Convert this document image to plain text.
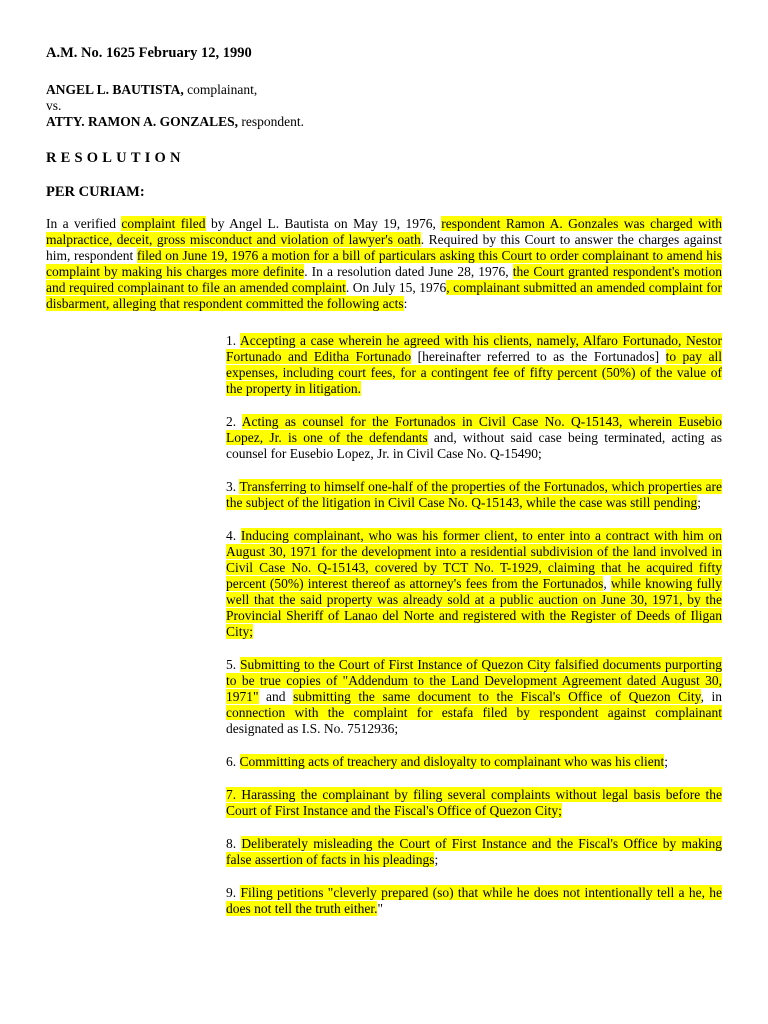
A.M. No. 1625 February 12, 1990

ANGEL L. BAUTISTA, complainant,
vs.
ATTY. RAMON A. GONZALES, respondent.

RESOLUTION

PER CURIAM:

In a verified complaint filed by Angel L. Bautista on May 19, 1976, respondent Ramon A. Gonzales was charged with malpractice, deceit, gross misconduct and violation of lawyer's oath. Required by this Court to answer the charges against him, respondent filed on June 19, 1976 a motion for a bill of particulars asking this Court to order complainant to amend his complaint by making his charges more definite. In a resolution dated June 28, 1976, the Court granted respondent's motion and required complainant to file an amended complaint. On July 15, 1976, complainant submitted an amended complaint for disbarment, alleging that respondent committed the following acts:

1. Accepting a case wherein he agreed with his clients, namely, Alfaro Fortunado, Nestor Fortunado and Editha Fortunado [hereinafter referred to as the Fortunados] to pay all expenses, including court fees, for a contingent fee of fifty percent (50%) of the value of the property in litigation.

2. Acting as counsel for the Fortunados in Civil Case No. Q-15143, wherein Eusebio Lopez, Jr. is one of the defendants and, without said case being terminated, acting as counsel for Eusebio Lopez, Jr. in Civil Case No. Q-15490;

3. Transferring to himself one-half of the properties of the Fortunados, which properties are the subject of the litigation in Civil Case No. Q-15143, while the case was still pending;

4. Inducing complainant, who was his former client, to enter into a contract with him on August 30, 1971 for the development into a residential subdivision of the land involved in Civil Case No. Q-15143, covered by TCT No. T-1929, claiming that he acquired fifty percent (50%) interest thereof as attorney's fees from the Fortunados, while knowing fully well that the said property was already sold at a public auction on June 30, 1971, by the Provincial Sheriff of Lanao del Norte and registered with the Register of Deeds of Iligan City;

5. Submitting to the Court of First Instance of Quezon City falsified documents purporting to be true copies of "Addendum to the Land Development Agreement dated August 30, 1971" and submitting the same document to the Fiscal's Office of Quezon City, in connection with the complaint for estafa filed by respondent against complainant designated as I.S. No. 7512936;

6. Committing acts of treachery and disloyalty to complainant who was his client;

7. Harassing the complainant by filing several complaints without legal basis before the Court of First Instance and the Fiscal's Office of Quezon City;

8. Deliberately misleading the Court of First Instance and the Fiscal's Office by making false assertion of facts in his pleadings;

9. Filing petitions "cleverly prepared (so) that while he does not intentionally tell a he, he does not tell the truth either."
